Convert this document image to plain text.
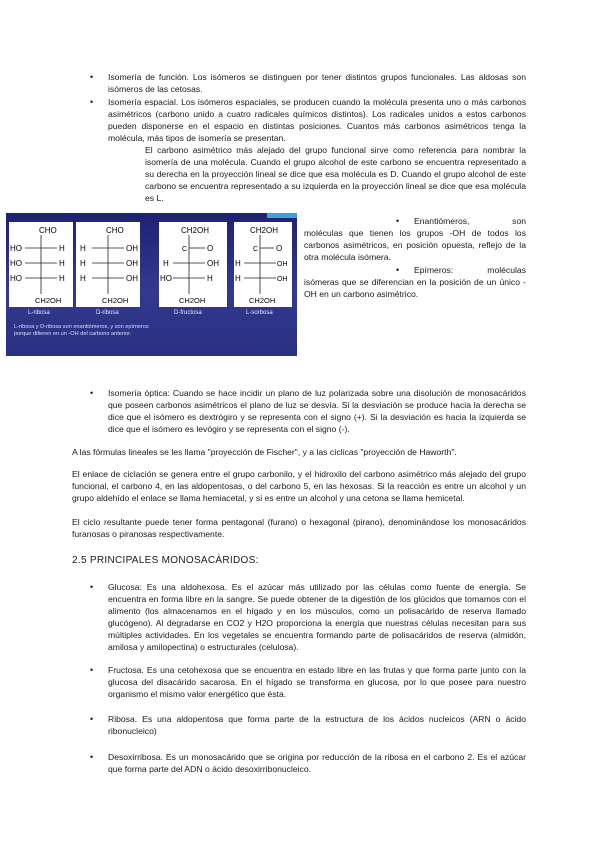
• Isomería de función. Los isómeros se distinguen por tener distintos grupos funcionales. Las aldosas son isómeros de las cetosas.

• Isomería espacial. Los isómeros espaciales, se producen cuando la molécula presenta uno o más carbonos asimétricos (carbono unido a cuatro radicales químicos distintos). Los radicales unidos a estos carbonos pueden disponerse en el espacio en distintas posiciones. Cuantos más carbonos asimétricos tenga la molécula, más tipos de isomería se presentan.

El carbono asimétrico más alejado del grupo funcional sirve como referencia para nombrar la isomería de una molécula. Cuando el grupo alcohol de este carbono se encuentra representado a su derecha en la proyección lineal se dice que esa molécula es D. Cuando el grupo alcohol de este carbono se encuentra representado a su izquierda en la proyección lineal se dice que esa molécula es L.

CHO
HO	H
HO	H
HO	H
CH2OH
CHO
H	OH
H	OH
H	OH
CH2OH
CH2OH
C O
H	OH
HO	H
CH2OH
CH2OH
C O
H	OH
H	OH
CH2OH
L-ribosa	D-ribosa	D-fructosa	L-sorbosa
L-ribosa y D-ribosa son enantiómeros, y son epímeros porque difieren en un -OH del carbono anterior.
•	Enantiómeros, son moléculas que tienen los grupos -OH de todos los carbonos asimétricos, en posición opuesta, reflejo de la otra molécula isómera.

•	Epímeros: moléculas isómeras que se diferencian en la posición de un único -OH en un carbono asimétrico.

• Isomería óptica: Cuando se hace incidir un plano de luz polarizada sobre una disolución de monosacáridos que poseen carbonos asimétricos el plano de luz se desvía. Si la desviación se produce hacia la derecha se dice que el isómero es dextrógiro y se representa con el signo (+). Si la desviación es hacia la izquierda se dice que el isómero es levógiro y se representa con el signo (-).

A las fórmulas lineales se les llama "proyección de Fischer", y a las cíclicas "proyección de Haworth".

El enlace de ciclación se genera entre el grupo carbonilo, y el hidroxilo del carbono asimétrico más alejado del grupo funcional, el carbono 4, en las aldopentosas, o del carbono 5, en las hexosas. Si la reacción es entre un alcohol y un grupo aldehído el enlace se llama hemiacetal, y si es entre un alcohol y una cetona se llama hemicetal.

El ciclo resultante puede tener forma pentagonal (furano) o hexagonal (pirano), denominándose los monosacáridos furanosas o piranosas respectivamente.

2.5 PRINCIPALES MONOSACÁRIDOS:
• Glucosa: Es una aldohexosa. Es el azúcar más utilizado por las células como fuente de energía. Se encuentra en forma libre en la sangre. Se puede obtener de la digestión de los glúcidos que tomamos con el alimento (los almacenamos en el hígado y en los músculos, como un polisacárido de reserva llamado glucógeno). Al degradarse en CO2 y H2O proporciona la energía que nuestras células necesitan para sus múltiples actividades. En los vegetales se encuentra formando parte de polisacáridos de reserva (almidón, amilosa y amilopectina) o estructurales (celulosa).

• Fructosa. Es una cetohexosa que se encuentra en estado libre en las frutas y que forma parte junto con la glucosa del disacárido sacarosa. En el hígado se transforma en glucosa, por lo que posee para nuestro organismo el mismo valor energético que ésta.

• Ribosa. Es una aldopentosa que forma parte de la estructura de los ácidos nucleicos (ARN o ácido ribonucleico)

• Desoxirribosa. Es un monosacárido que se origina por reducción de la ribosa en el carbono 2. Es el azúcar que forma parte del ADN o ácido desoxirribonucleico.
